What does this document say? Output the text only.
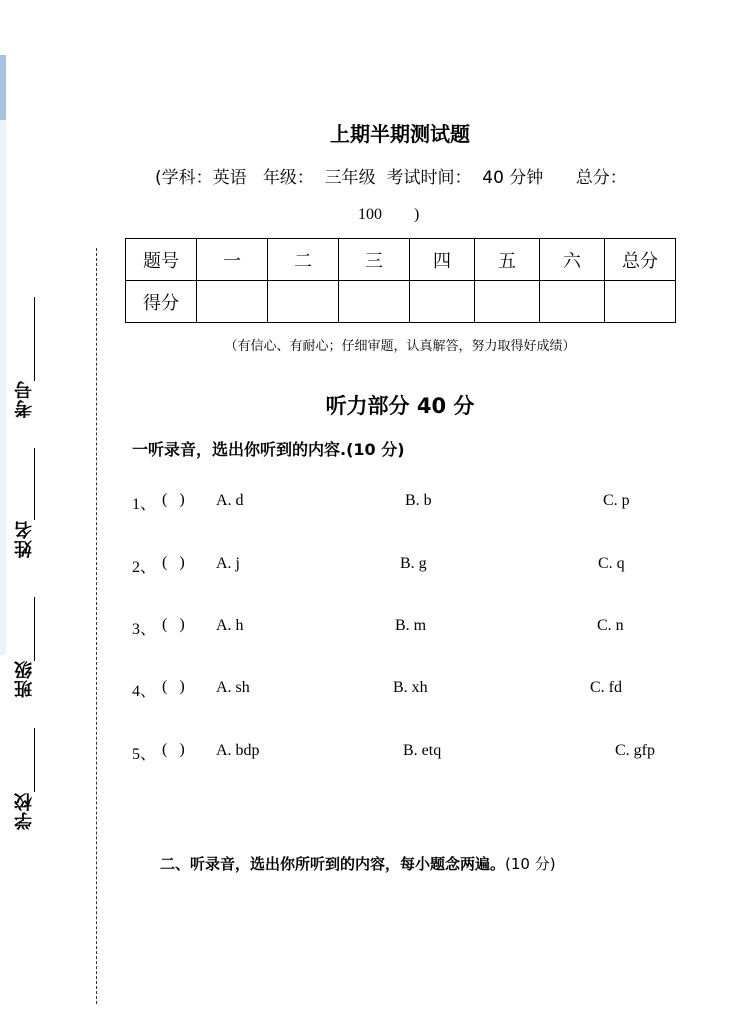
考号
姓名
班级
学校
上期半期测试题
(学科：英语   年级：  三年级  考试时间：  40 分钟      总分：
100        )
题号	一	二	三	四	五	六	总分
得分							
（有信心、有耐心；仔细审题，认真解答，努力取得好成绩）
听力部分 40 分
一听录音，选出你听到的内容.(10 分)
1、 (   ) A. d	B. b	C. p
2、 (   ) A. j	B. g	C. q
3、 (   ) A. h	B. m	C. n
4、 (   ) A. sh	B. xh	C. fd
5、 (   ) A. bdp	B. etq	C. gfp
二、听录音，选出你所听到的内容，每小题念两遍。(10 分)
